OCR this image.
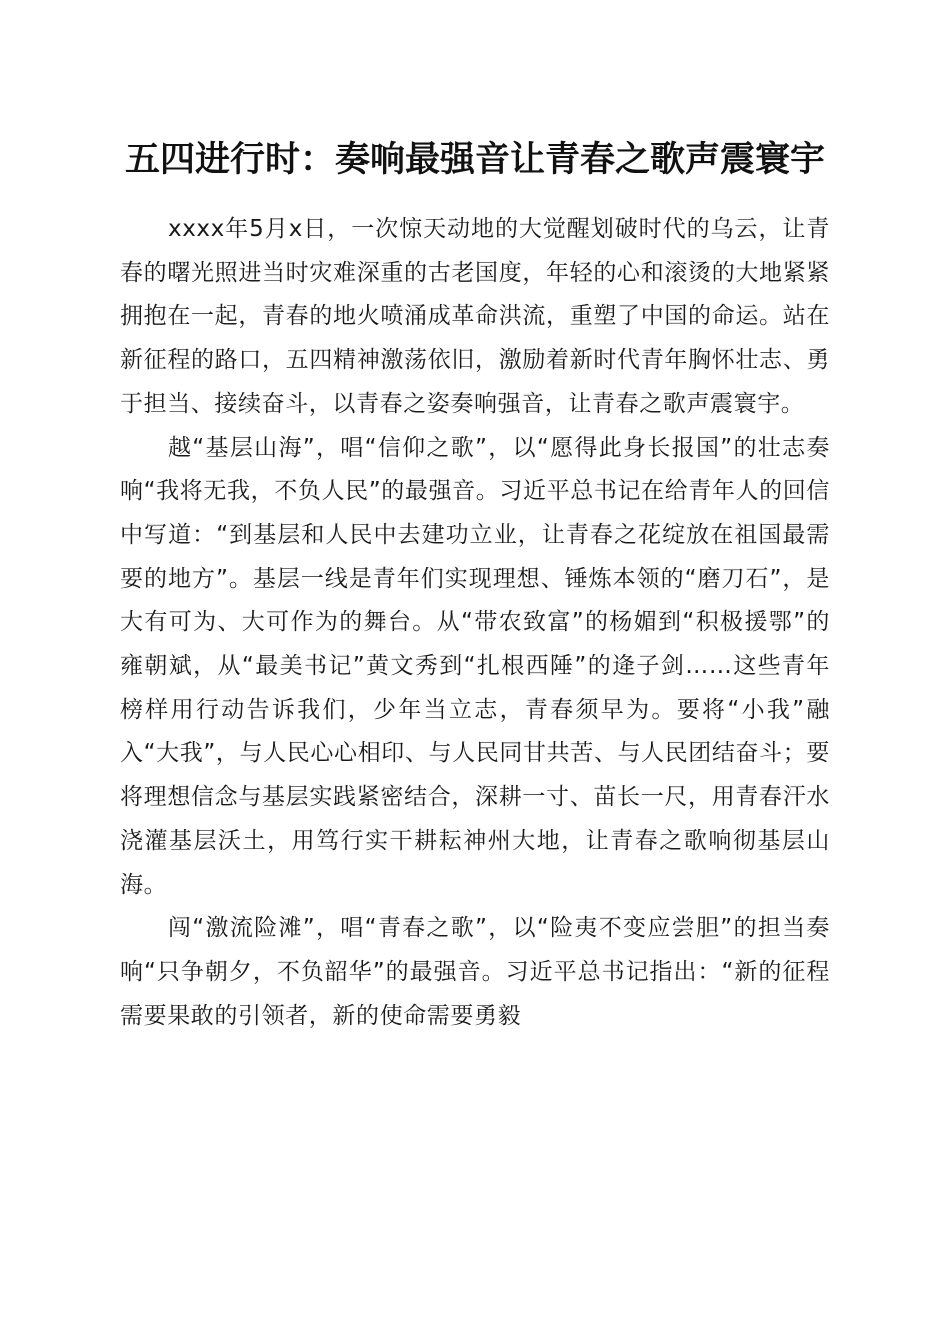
五四进行时：奏响最强音让青春之歌声震寰宇

xxxx年5月x日，一次惊天动地的大觉醒划破时代的乌云，让青春的曙光照进当时灾难深重的古老国度，年轻的心和滚烫的大地紧紧拥抱在一起，青春的地火喷涌成革命洪流，重塑了中国的命运。站在新征程的路口，五四精神激荡依旧，激励着新时代青年胸怀壮志、勇于担当、接续奋斗，以青春之姿奏响强音，让青春之歌声震寰宇。

越“基层山海”，唱“信仰之歌”，以“愿得此身长报国”的壮志奏响“我将无我，不负人民”的最强音。习近平总书记在给青年人的回信中写道：“到基层和人民中去建功立业，让青春之花绽放在祖国最需要的地方”。基层一线是青年们实现理想、锤炼本领的“磨刀石”，是大有可为、大可作为的舞台。从“带农致富”的杨媚到“积极援鄂”的雍朝斌，从“最美书记”黄文秀到“扎根西陲”的逄子剑……这些青年榜样用行动告诉我们，少年当立志，青春须早为。要将“小我”融入“大我”，与人民心心相印、与人民同甘共苦、与人民团结奋斗；要将理想信念与基层实践紧密结合，深耕一寸、苗长一尺，用青春汗水浇灌基层沃土，用笃行实干耕耘神州大地，让青春之歌响彻基层山海。

闯“激流险滩”，唱“青春之歌”，以“险夷不变应尝胆”的担当奏响“只争朝夕，不负韶华”的最强音。习近平总书记指出：“新的征程需要果敢的引领者，新的使命需要勇毅
